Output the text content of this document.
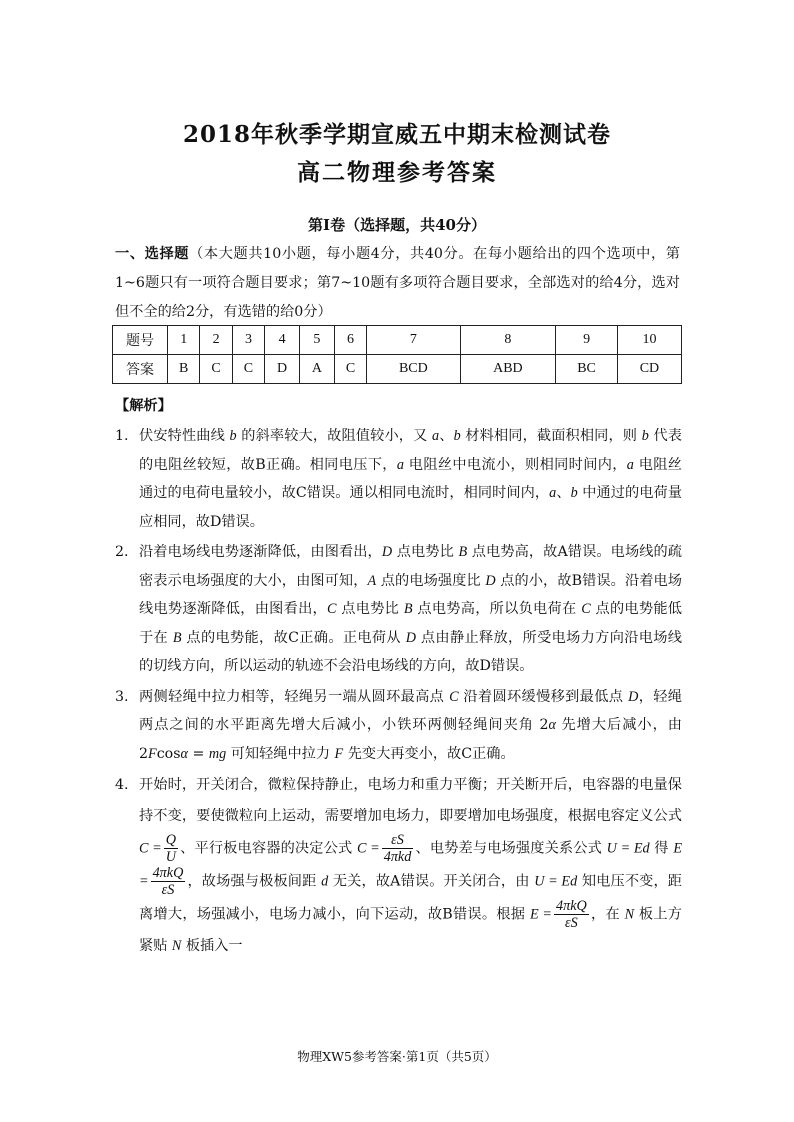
2018年秋季学期宣威五中期末检测试卷
高二物理参考答案
第Ⅰ卷（选择题，共40分）
一、选择题（本大题共10小题，每小题4分，共40分。在每小题给出的四个选项中，第1~6题只有一项符合题目要求；第7~10题有多项符合题目要求，全部选对的给4分，选对但不全的给2分，有选错的给0分）
题号	1	2	3	4	5	6	7	8	9	10
答案	B	C	C	D	A	C	BCD	ABD	BC	CD
【解析】
1. 伏安特性曲线 b 的斜率较大，故阻值较小，又 a、b 材料相同，截面积相同，则 b 代表的电阻丝较短，故B正确。相同电压下，a 电阻丝中电流小，则相同时间内，a 电阻丝通过的电荷电量较小，故C错误。通以相同电流时，相同时间内，a、b 中通过的电荷量应相同，故D错误。
2. 沿着电场线电势逐渐降低，由图看出，D 点电势比 B 点电势高，故A错误。电场线的疏密表示电场强度的大小，由图可知，A 点的电场强度比 D 点的小，故B错误。沿着电场线电势逐渐降低，由图看出，C 点电势比 B 点电势高，所以负电荷在 C 点的电势能低于在 B 点的电势能，故C正确。正电荷从 D 点由静止释放，所受电场力方向沿电场线的切线方向，所以运动的轨迹不会沿电场线的方向，故D错误。
3. 两侧轻绳中拉力相等，轻绳另一端从圆环最高点 C 沿着圆环缓慢移到最低点 D，轻绳两点之间的水平距离先增大后减小，小铁环两侧轻绳间夹角 2α 先增大后减小，由 2Fcosα = mg 可知轻绳中拉力 F 先变大再变小，故C正确。
4. 开始时，开关闭合，微粒保持静止，电场力和重力平衡；开关断开后，电容器的电量保持不变，要使微粒向上运动，需要增加电场力，即要增加电场强度，根据电容定义公式 $C = \frac{Q}{U}$ 、平行板电容器的决定公式 $C = \frac{\varepsilon S}{\text{4πkd}}$ 、电势差与电场强度关系公式 U = Ed 得 $E = \frac{\text{4πkQ}}{\varepsilon S}$ ，故场强与极板间距 d 无关，故A错误。开关闭合，由 U = Ed 知电压不变，距离增大，场强减小，电场力减小，向下运动，故B错误。根据 $E = \frac{\text{4πkQ}}{\varepsilon S}$ ，在 N 板上方紧贴 N 板插入一
物理XW5参考答案·第1页（共5页）
